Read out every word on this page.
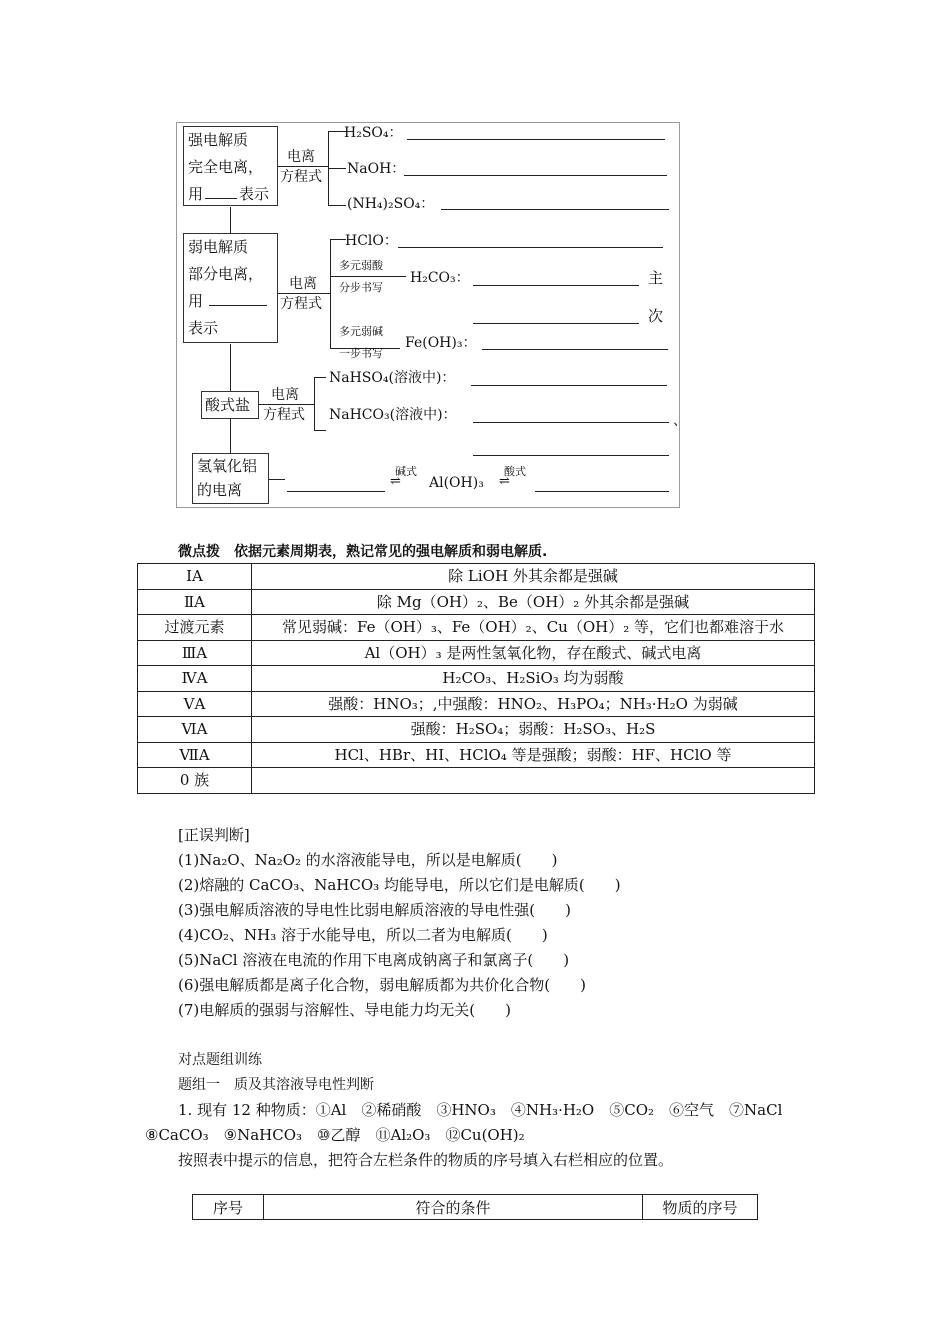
强电解质
完全电离，
用 表示
电离
方程式
H₂SO₄：
NaOH：
(NH₄)₂SO₄：
弱电解质
部分电离，
用
表示
电离
方程式
HClO：
多元弱酸
分步书写
H₂CO₃：	主
次
多元弱碱
一步书写
Fe(OH)₃：
酸式盐
电离
方程式
NaHSO₄(溶液中)：
NaHCO₃(溶液中)：	、
氢氧化铝
的电离
碱式
⇌ Al(OH)₃
酸式
⇌
微点拨　依据元素周期表，熟记常见的强电解质和弱电解质.
ⅠA	除 LiOH 外其余都是强碱
ⅡA	除 Mg（OH）₂、Be（OH）₂ 外其余都是强碱
过渡元素	常见弱碱：Fe（OH）₃、Fe（OH）₂、Cu（OH）₂ 等，它们也都难溶于水
ⅢA	Al（OH）₃ 是两性氢氧化物，存在酸式、碱式电离
ⅣA	H₂CO₃、H₂SiO₃ 均为弱酸
ⅤA	强酸：HNO₃；,中强酸：HNO₂、H₃PO₄；NH₃·H₂O 为弱碱
ⅥA	强酸：H₂SO₄；弱酸：H₂SO₃、H₂S
ⅦA	HCl、HBr、HI、HClO₄ 等是强酸；弱酸：HF、HClO 等
0 族	
[正误判断]
(1)Na₂O、Na₂O₂ 的水溶液能导电，所以是电解质(　　)
(2)熔融的 CaCO₃、NaHCO₃ 均能导电，所以它们是电解质(　　)
(3)强电解质溶液的导电性比弱电解质溶液的导电性强(　　)
(4)CO₂、NH₃ 溶于水能导电，所以二者为电解质(　　)
(5)NaCl 溶液在电流的作用下电离成钠离子和氯离子(　　)
(6)强电解质都是离子化合物，弱电解质都为共价化合物(　　)
(7)电解质的强弱与溶解性、导电能力均无关(　　)
对点题组训练
题组一　质及其溶液导电性判断
1. 现有 12 种物质：①Al　②稀硝酸　③HNO₃　④NH₃·H₂O　⑤CO₂　⑥空气　⑦NaCl
⑧CaCO₃　⑨NaHCO₃　⑩乙醇　⑪Al₂O₃　⑫Cu(OH)₂
按照表中提示的信息，把符合左栏条件的物质的序号填入右栏相应的位置。
序号	符合的条件	物质的序号
